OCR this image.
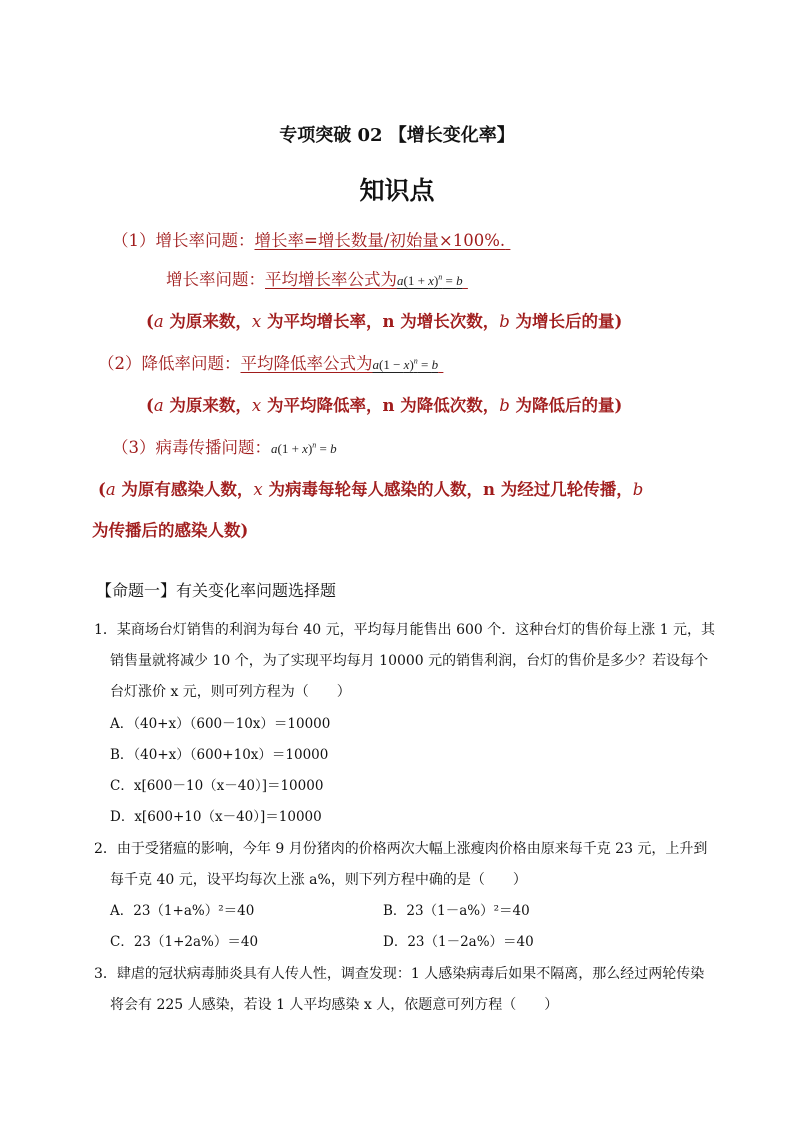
专项突破 02 【增长变化率】
知识点
（1）增长率问题：增长率=增长数量/初始量×100%.
增长率问题：平均增长率公式为$a(1 + x)^n = b$
(a 为原来数，x 为平均增长率，n 为增长次数，b 为增长后的量)
（2）降低率问题：平均降低率公式为$a(1 - x)^n = b$
(a 为原来数，x 为平均降低率，n 为降低次数，b 为降低后的量)
（3）病毒传播问题：$a(1 + x)^n = b$
(a 为原有感染人数，x 为病毒每轮每人感染的人数，n 为经过几轮传播，b
为传播后的感染人数)
【命题一】有关变化率问题选择题
1．某商场台灯销售的利润为每台 40 元，平均每月能售出 600 个．这种台灯的售价每上涨 1 元，其
销售量就将减少 10 个，为了实现平均每月 10000 元的销售利润，台灯的售价是多少？若设每个
台灯涨价 x 元，则可列方程为（　　）
A．（40+x）（600－10x）＝10000
B．（40+x）（600+10x）＝10000
C．x[600－10（x－40）]＝10000
D．x[600+10（x－40）]＝10000
2．由于受猪瘟的影响，今年 9 月份猪肉的价格两次大幅上涨瘦肉价格由原来每千克 23 元，上升到
每千克 40 元，设平均每次上涨 a%，则下列方程中确的是（　　）
A．23（1+a%）²＝40	B．23（1－a%）²＝40
C．23（1+2a%）＝40	D．23（1－2a%）＝40
3．肆虐的冠状病毒肺炎具有人传人性，调查发现：1 人感染病毒后如果不隔离，那么经过两轮传染
将会有 225 人感染，若设 1 人平均感染 x 人，依题意可列方程（　　）
